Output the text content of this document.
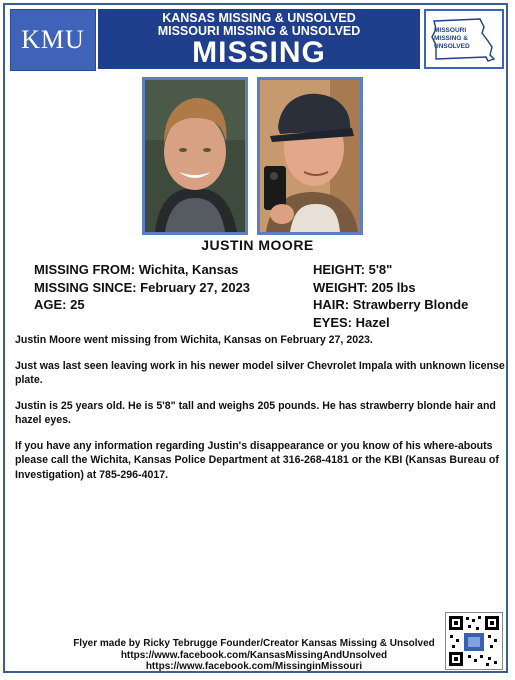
KMU
KANSAS MISSING & UNSOLVED
MISSOURI MISSING & UNSOLVED
MISSING
MISSOURI
MISSING &
UNSOLVED
JUSTIN MOORE
MISSING FROM: Wichita, Kansas
MISSING SINCE: February 27, 2023
AGE: 25
HEIGHT: 5'8"
WEIGHT: 205 lbs
HAIR: Strawberry Blonde
EYES: Hazel

Justin Moore went missing from Wichita, Kansas on February 27, 2023.

Just was last seen leaving work in his newer model silver Chevrolet Impala with unknown license plate.

Justin is 25 years old. He is 5'8" tall and weighs 205 pounds. He has strawberry blonde hair and hazel eyes.

If you have any information regarding Justin's disappearance or you know of his where-abouts please call the Wichita, Kansas Police Department at 316-268-4181 or the KBI (Kansas Bureau of Investigation) at 785-296-4017.

Flyer made by Ricky Tebrugge Founder/Creator Kansas Missing & Unsolved
https://www.facebook.com/KansasMissingAndUnsolved
https://www.facebook.com/MissinginMissouri
